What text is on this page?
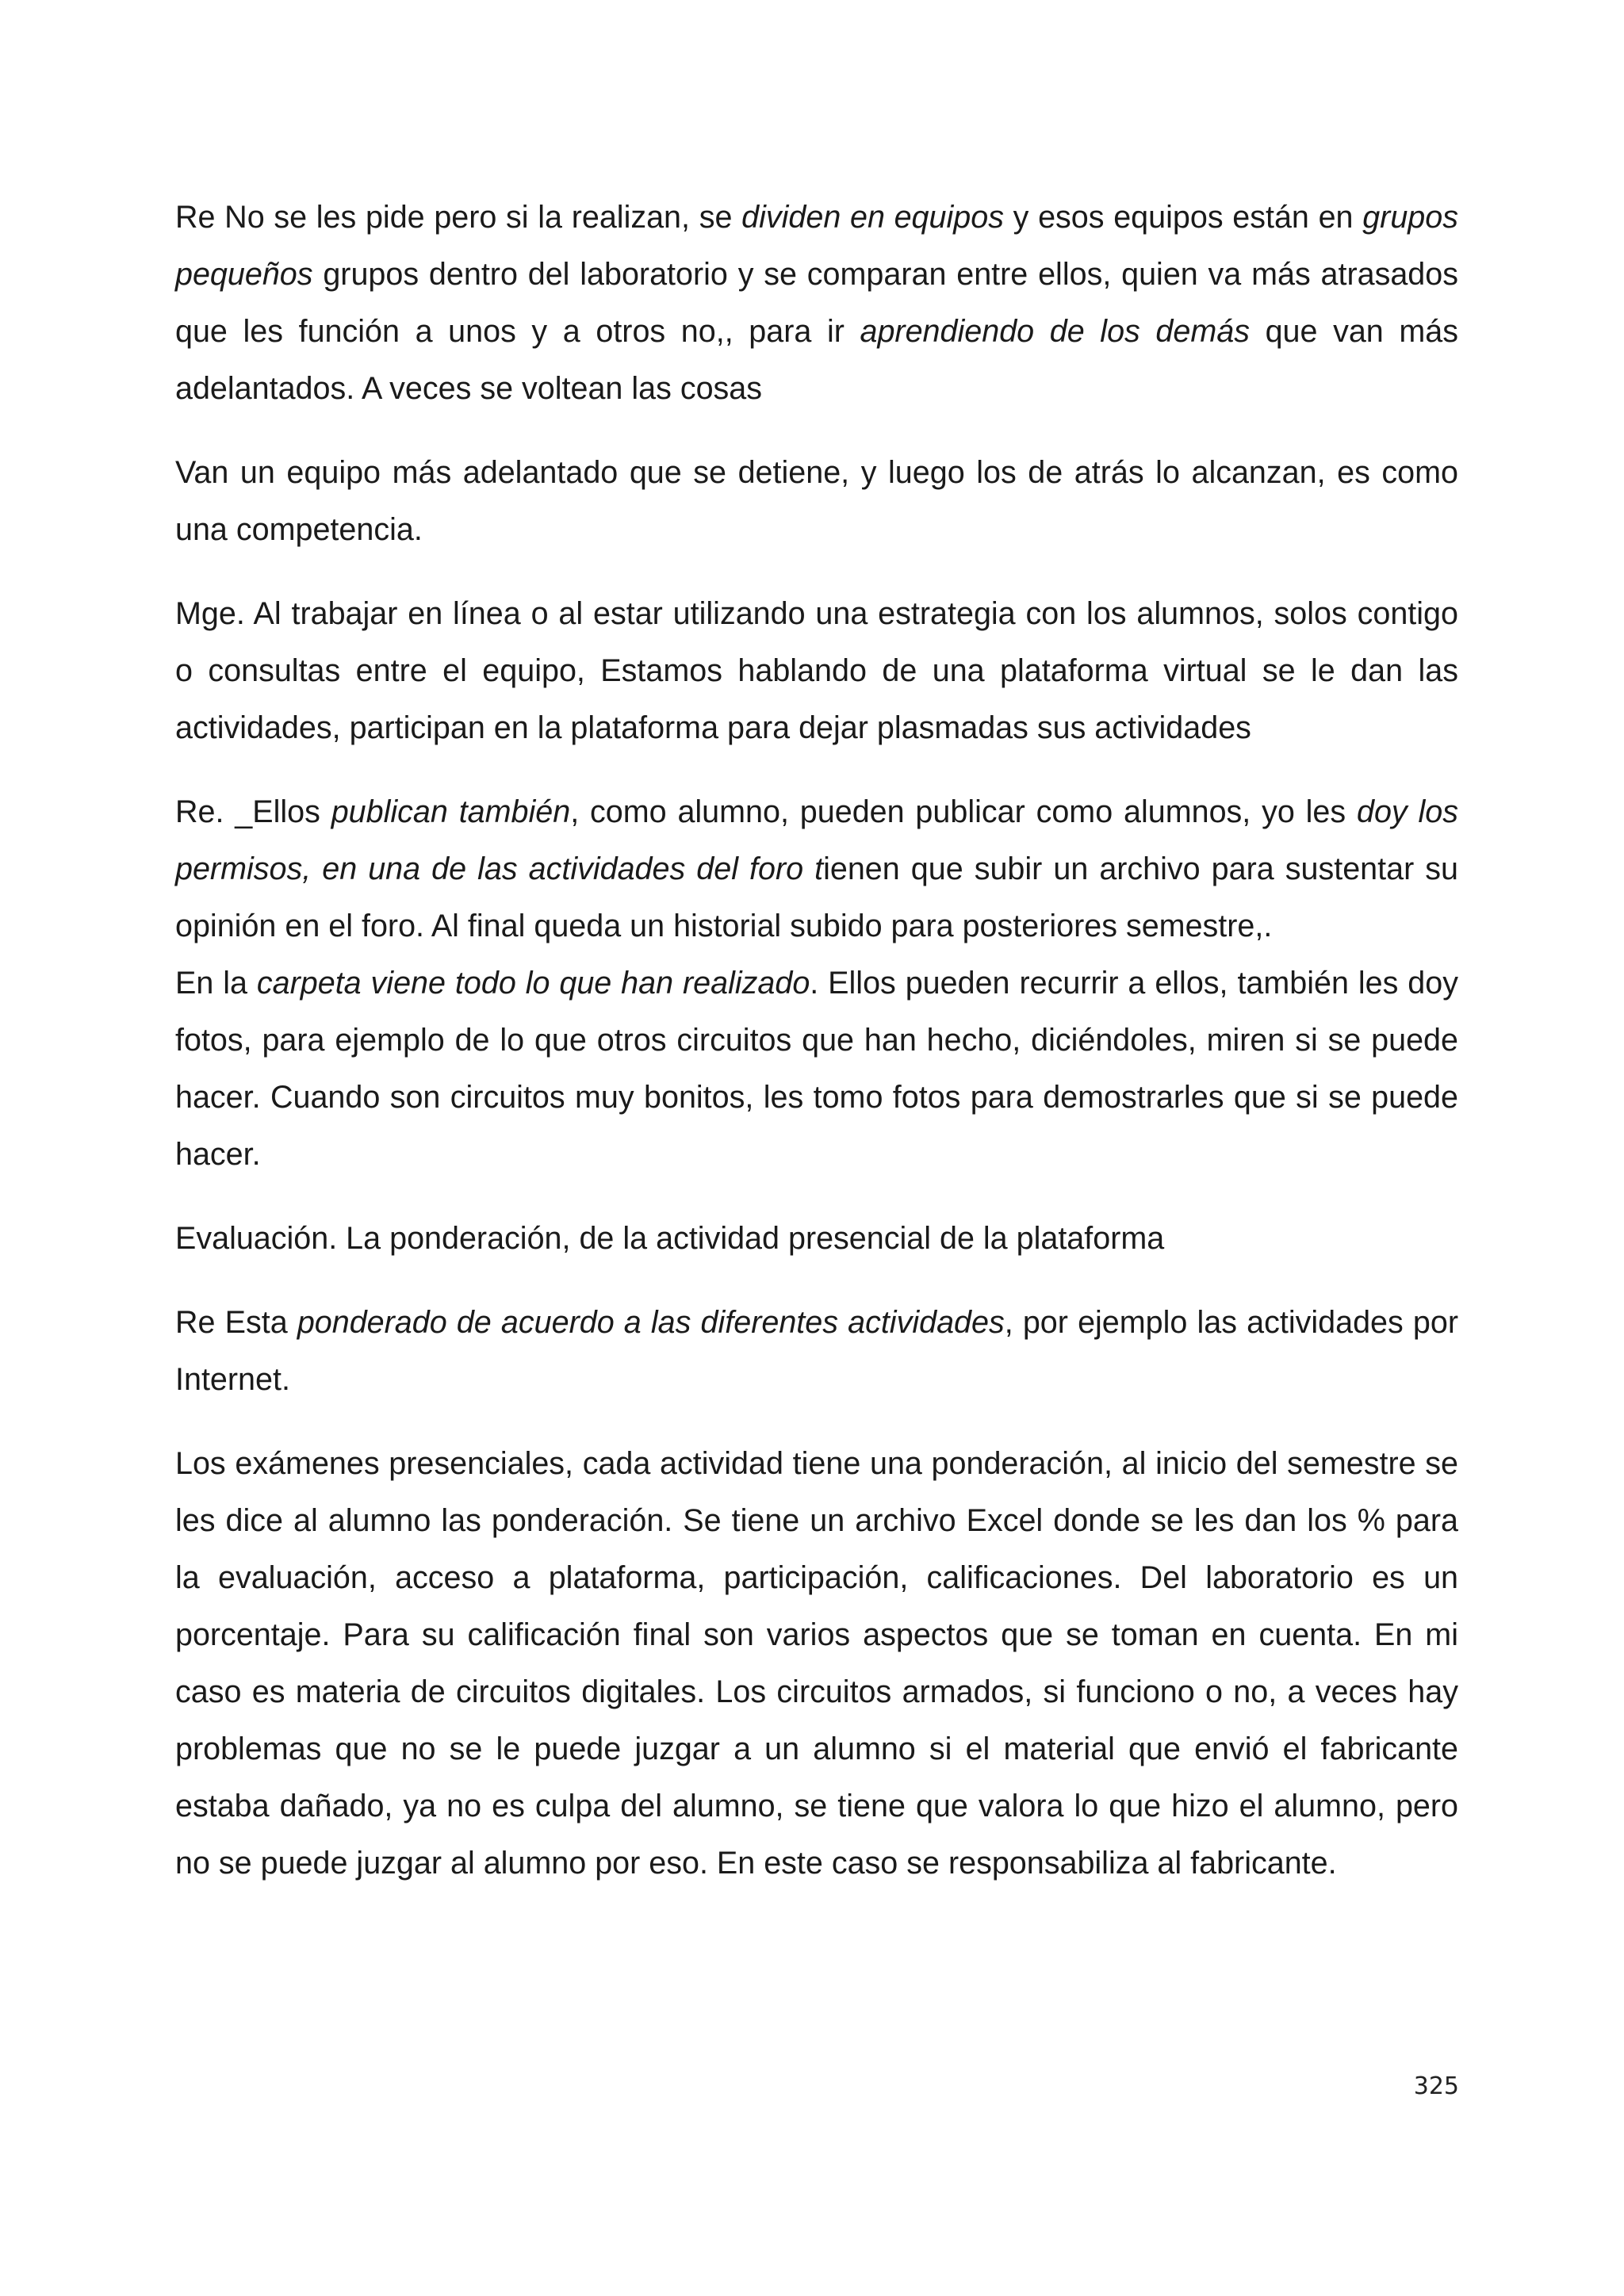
Re No se les pide pero si la realizan, se dividen en equipos y esos equipos están en grupos pequeños grupos dentro del laboratorio y se comparan entre ellos, quien va más atrasados que les función a unos y a otros no,, para ir aprendiendo de los demás que van más adelantados. A veces se voltean las cosas

Van un equipo más adelantado que se detiene, y luego los de atrás lo alcanzan, es como una competencia.

Mge. Al trabajar en línea o al estar utilizando una estrategia con los alumnos, solos contigo o consultas entre el equipo, Estamos hablando de una plataforma virtual se le dan las actividades, participan en la plataforma para dejar plasmadas sus actividades

Re. _Ellos publican también, como alumno, pueden publicar como alumnos, yo les doy los permisos, en una de las actividades del foro tienen que subir un archivo para sustentar su opinión en el foro. Al final queda un historial subido para posteriores semestre,.

En la carpeta viene todo lo que han realizado. Ellos pueden recurrir a ellos, también les doy fotos, para ejemplo de lo que otros circuitos que han hecho, diciéndoles, miren si se puede hacer. Cuando son circuitos muy bonitos, les tomo fotos para demostrarles que si se puede hacer.

Evaluación. La ponderación, de la actividad presencial de la plataforma

Re Esta ponderado de acuerdo a las diferentes actividades, por ejemplo las actividades por Internet.

Los exámenes presenciales, cada actividad tiene una ponderación, al inicio del semestre se les dice al alumno las ponderación. Se tiene un archivo Excel donde se les dan los % para la evaluación, acceso a plataforma, participación, calificaciones. Del laboratorio es un porcentaje. Para su calificación final son varios aspectos que se toman en cuenta. En mi caso es materia de circuitos digitales. Los circuitos armados, si funciono o no, a veces hay problemas que no se le puede juzgar a un alumno si el material que envió el fabricante estaba dañado, ya no es culpa del alumno, se tiene que valora lo que hizo el alumno, pero no se puede juzgar al alumno por eso. En este caso se responsabiliza al fabricante.

325
